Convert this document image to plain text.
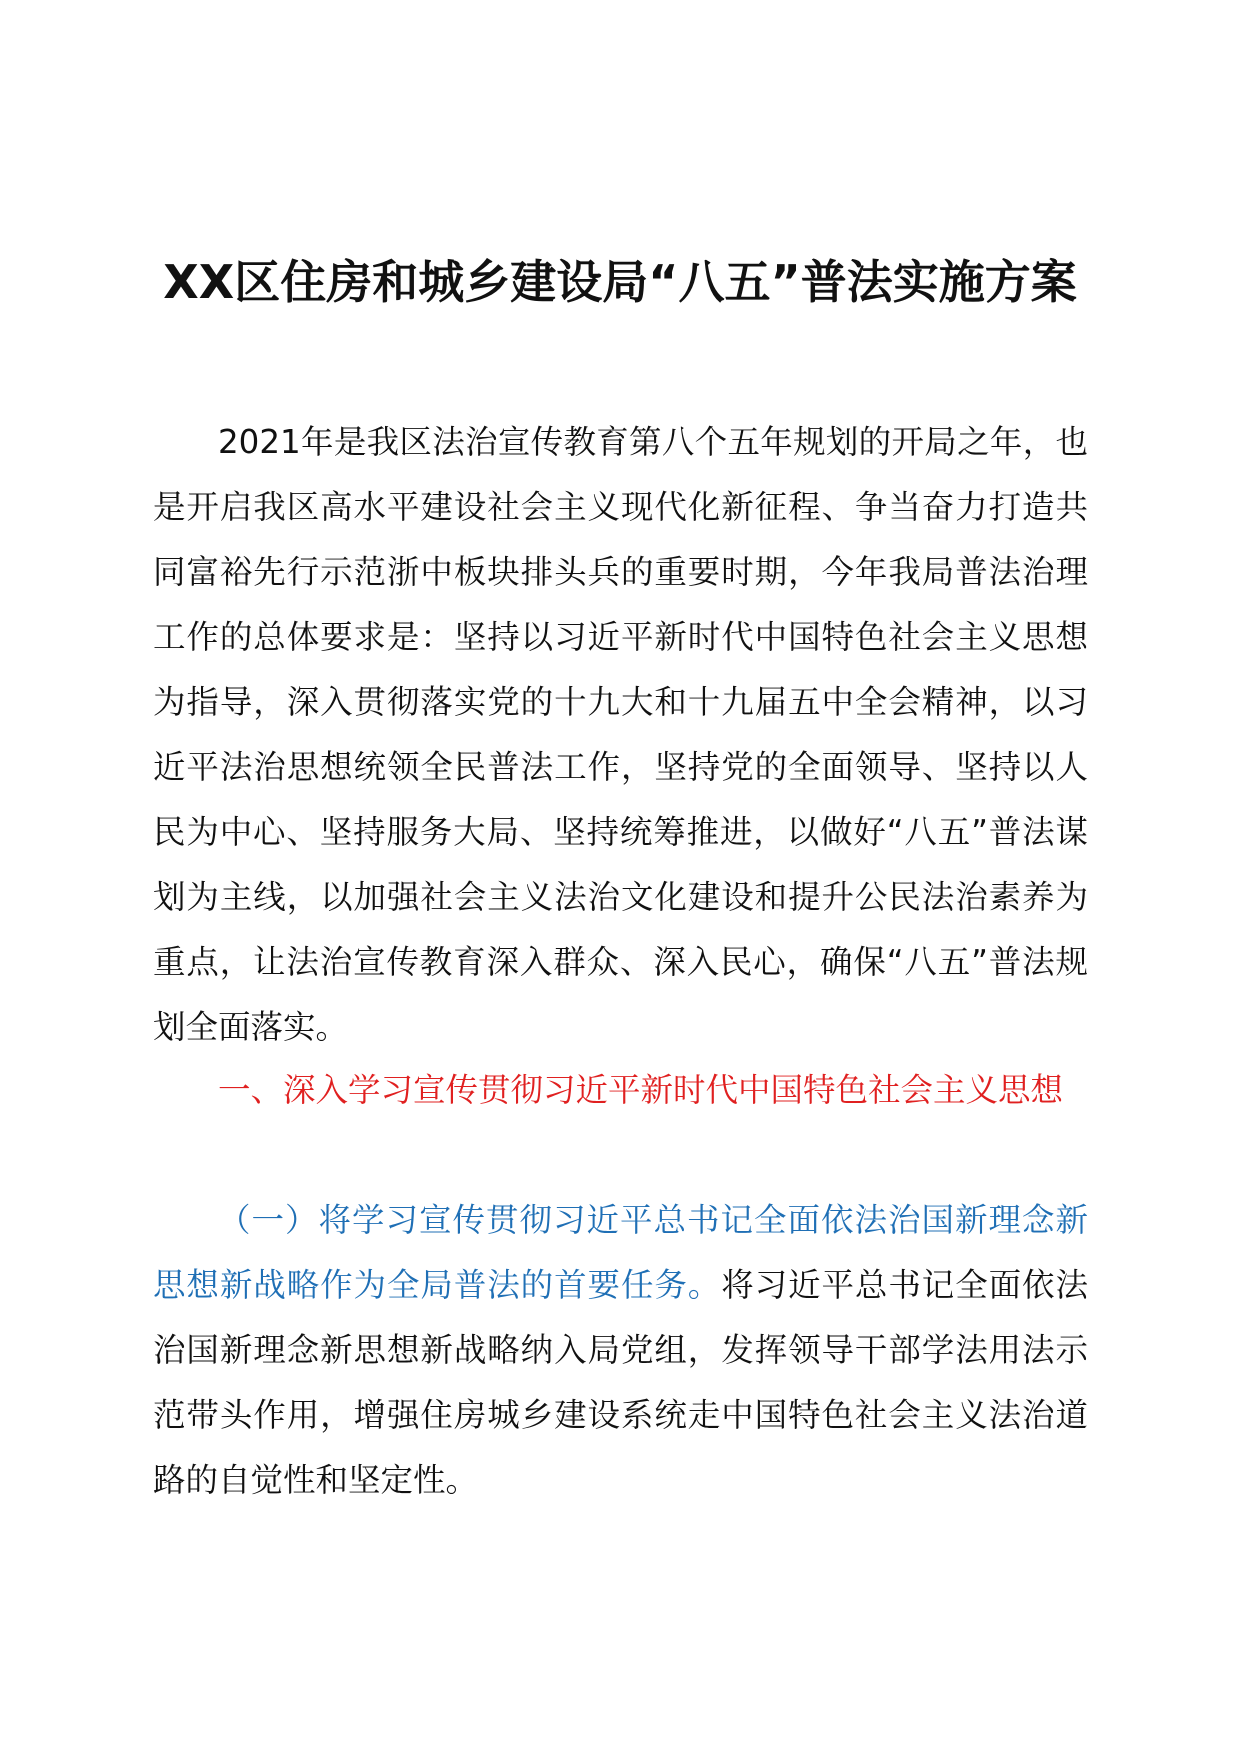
XX区住房和城乡建设局“八五”普法实施方案

2021年是我区法治宣传教育第八个五年规划的开局之年，也是开启我区高水平建设社会主义现代化新征程、争当奋力打造共同富裕先行示范浙中板块排头兵的重要时期，今年我局普法治理工作的总体要求是：坚持以习近平新时代中国特色社会主义思想为指导，深入贯彻落实党的十九大和十九届五中全会精神，以习近平法治思想统领全民普法工作，坚持党的全面领导、坚持以人民为中心、坚持服务大局、坚持统筹推进，以做好“八五”普法谋划为主线，以加强社会主义法治文化建设和提升公民法治素养为重点，让法治宣传教育深入群众、深入民心，确保“八五”普法规划全面落实。

一、深入学习宣传贯彻习近平新时代中国特色社会主义思想

（一）将学习宣传贯彻习近平总书记全面依法治国新理念新思想新战略作为全局普法的首要任务。将习近平总书记全面依法治国新理念新思想新战略纳入局党组，发挥领导干部学法用法示范带头作用，增强住房城乡建设系统走中国特色社会主义法治道路的自觉性和坚定性。
